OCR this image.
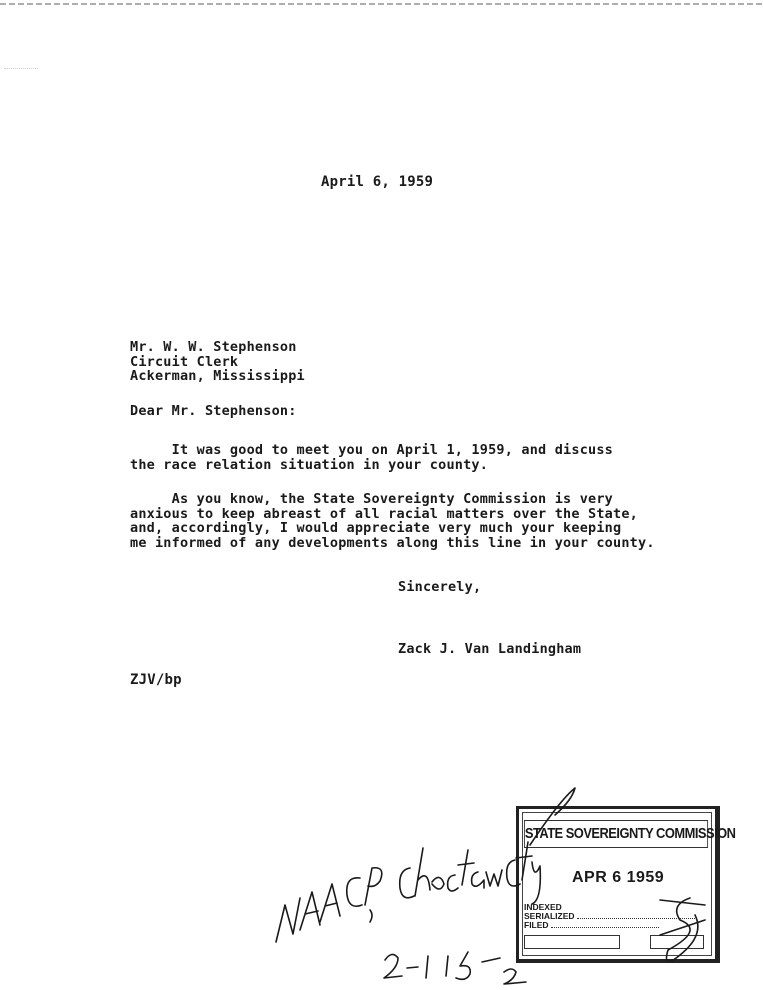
April 6, 1959
Mr. W. W. Stephenson
Circuit Clerk
Ackerman, Mississippi
Dear Mr. Stephenson:
It was good to meet you on April 1, 1959, and discuss
the race relation situation in your county.
As you know, the State Sovereignty Commission is very
anxious to keep abreast of all racial matters over the State,
and, accordingly, I would appreciate very much your keeping
me informed of any developments along this line in your county.
Sincerely,
Zack J. Van Landingham
ZJV/bp
STATE SOVEREIGNTY COMMISSION
APR 6 1959
INDEXED
SERIALIZED
FILED
